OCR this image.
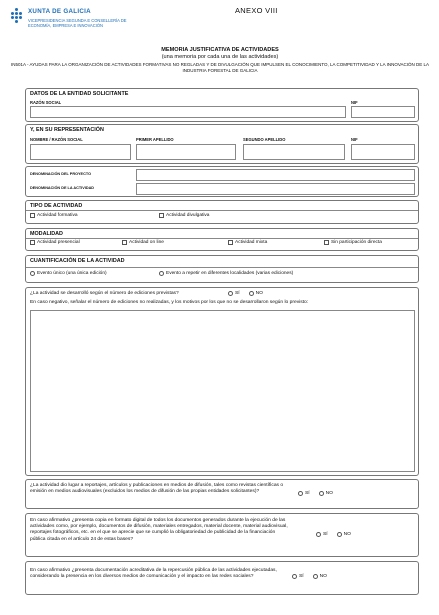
XUNTA DE GALICIA
VICEPRESIDENCIA SEGUNDA E CONSELLERÍA DE ECONOMÍA, EMPRESA E INNOVACIÓN
ANEXO VIII
MEMORIA JUSTIFICATIVA DE ACTIVIDADES
(una memoria por cada una de las actividades)
IN501A - AYUDAS PARA LA ORGANIZACIÓN DE ACTIVIDADES FORMATIVAS NO REGLADAS Y DE DIVULGACIÓN QUE IMPULSEN EL CONOCIMIENTO, LA COMPETITIVIDAD Y LA INNOVACIÓN DE LA INDUSTRIA FORESTAL DE GALICIA
DATOS DE LA ENTIDAD SOLICITANTE
RAZÓN SOCIAL	NIF
Y, EN SU REPRESENTACIÓN
NOMBRE / RAZÓN SOCIAL	PRIMER APELLIDO	SEGUNDO APELLIDO	NIF
DENOMINACIÓN DEL PROYECTO
DENOMINACIÓN DE LA ACTIVIDAD
TIPO DE ACTIVIDAD
Actividad formativa	Actividad divulgativa
MODALIDAD
Actividad presencial	Actividad on line	Actividad mixta	Sin participación directa
CUANTIFICACIÓN DE LA ACTIVIDAD
Evento único (una única edición)	Evento a repetir en diferentes localidades (varias ediciones)
¿La actividad se desarrolló según el número de ediciones previstas?	SÍ	NO
En caso negativo, señalar el número de ediciones no realizadas, y los motivos por los que no se desarrollaron según lo previsto:
¿La actividad dio lugar a reportajes, artículos y publicaciones en medios de difusión, tales como revistas científicas o emisión en medios audiovisuales (excluidos los medios de difusión de las propias entidades solicitantes)?	SÍ	NO
En caso afirmativo ¿presenta copia en formato digital de todos los documentos generados durante la ejecución de las actividades como, por ejemplo, documentos de difusión, materiales entregados, material docente, material audiovisual, reportajes fotográficos, etc. en el que se aprecie que se cumplió la obligatoriedad de publicidad de la financiación pública citada en el artículo 24 de estas bases?
SÍ	NO
En caso afirmativo ¿presenta documentación acreditativa de la repercusión pública de las actividades ejecutadas, considerando la presencia en los diversos medios de comunicación y el impacto en las redes sociales?	SÍ	NO
